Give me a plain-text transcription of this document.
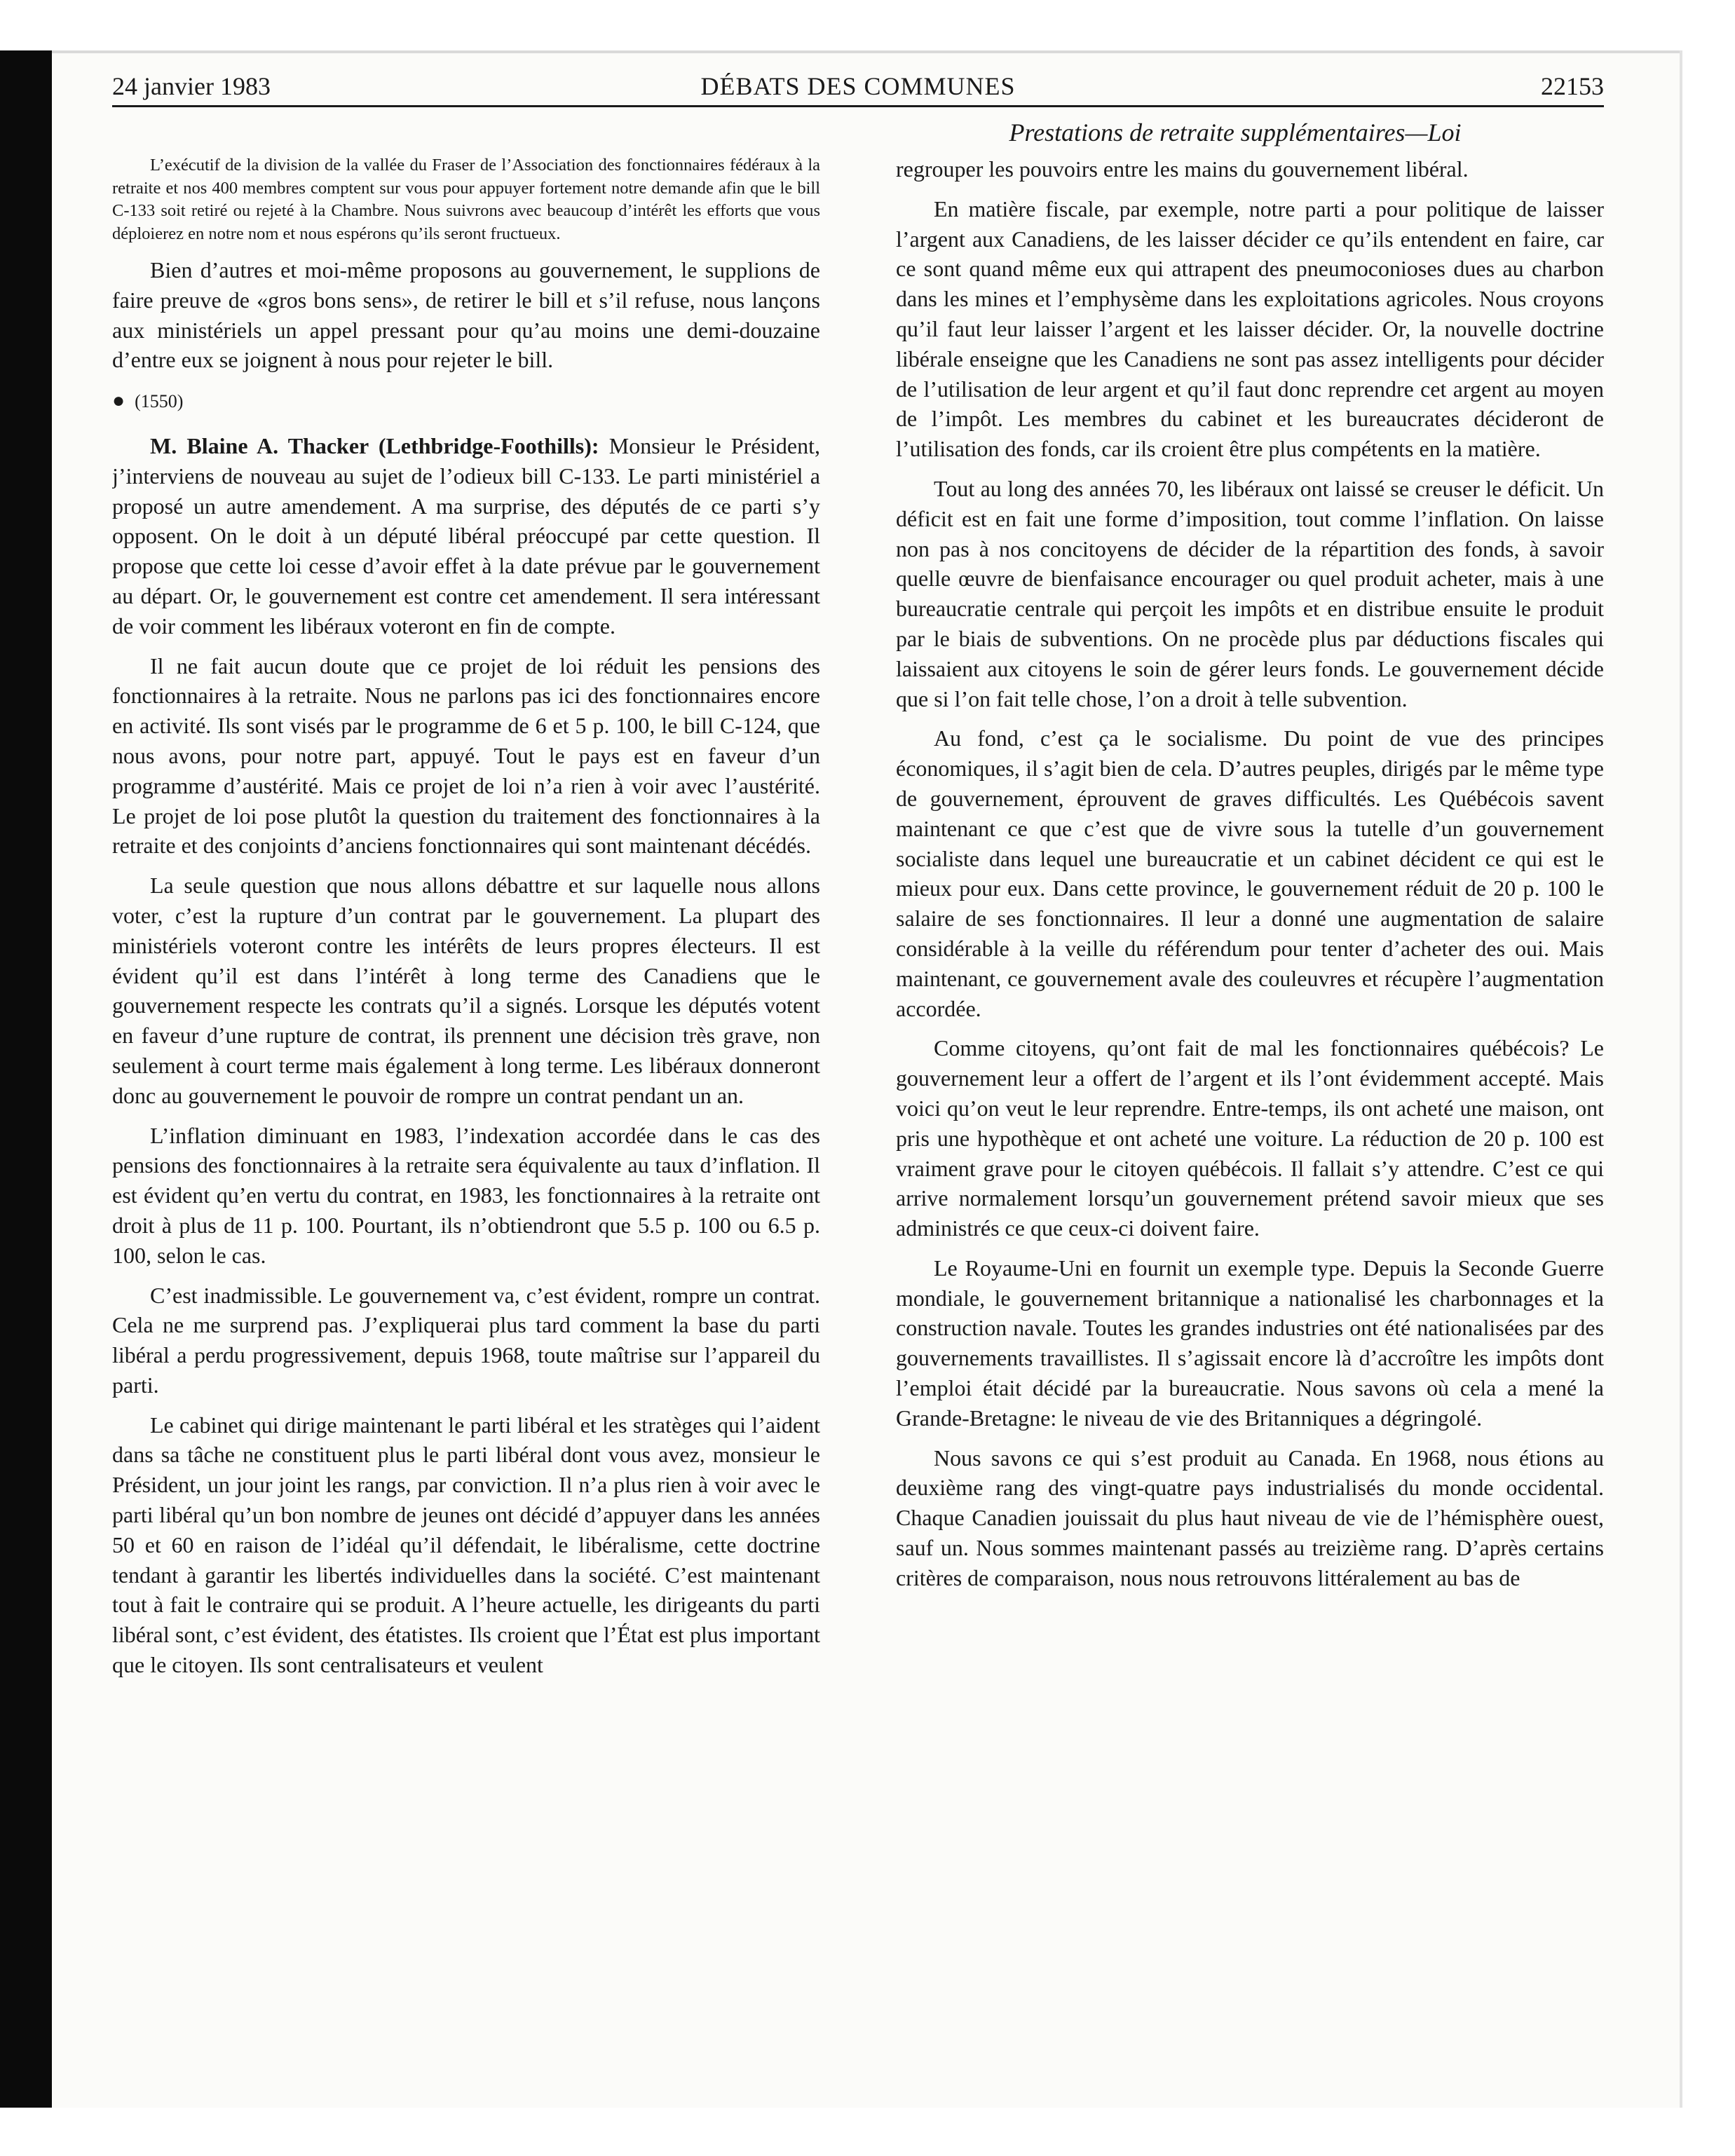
24 janvier 1983	DÉBATS DES COMMUNES	22153
Prestations de retraite supplémentaires—Loi

L’exécutif de la division de la vallée du Fraser de l’Association des fonctionnaires fédéraux à la retraite et nos 400 membres comptent sur vous pour appuyer fortement notre demande afin que le bill C-133 soit retiré ou rejeté à la Chambre. Nous suivrons avec beaucoup d’intérêt les efforts que vous déploierez en notre nom et nous espérons qu’ils seront fructueux.

Bien d’autres et moi-même proposons au gouvernement, le supplions de faire preuve de «gros bons sens», de retirer le bill et s’il refuse, nous lançons aux ministériels un appel pressant pour qu’au moins une demi-douzaine d’entre eux se joignent à nous pour rejeter le bill.

● (1550)

M. Blaine A. Thacker (Lethbridge-Foothills): Monsieur le Président, j’interviens de nouveau au sujet de l’odieux bill C-133. Le parti ministériel a proposé un autre amendement. A ma surprise, des députés de ce parti s’y opposent. On le doit à un député libéral préoccupé par cette question. Il propose que cette loi cesse d’avoir effet à la date prévue par le gouvernement au départ. Or, le gouvernement est contre cet amendement. Il sera intéressant de voir comment les libéraux voteront en fin de compte.

Il ne fait aucun doute que ce projet de loi réduit les pensions des fonctionnaires à la retraite. Nous ne parlons pas ici des fonctionnaires encore en activité. Ils sont visés par le programme de 6 et 5 p. 100, le bill C-124, que nous avons, pour notre part, appuyé. Tout le pays est en faveur d’un programme d’austérité. Mais ce projet de loi n’a rien à voir avec l’austérité. Le projet de loi pose plutôt la question du traitement des fonctionnaires à la retraite et des conjoints d’anciens fonctionnaires qui sont maintenant décédés.

La seule question que nous allons débattre et sur laquelle nous allons voter, c’est la rupture d’un contrat par le gouvernement. La plupart des ministériels voteront contre les intérêts de leurs propres électeurs. Il est évident qu’il est dans l’intérêt à long terme des Canadiens que le gouvernement respecte les contrats qu’il a signés. Lorsque les députés votent en faveur d’une rupture de contrat, ils prennent une décision très grave, non seulement à court terme mais également à long terme. Les libéraux donneront donc au gouvernement le pouvoir de rompre un contrat pendant un an.

L’inflation diminuant en 1983, l’indexation accordée dans le cas des pensions des fonctionnaires à la retraite sera équivalente au taux d’inflation. Il est évident qu’en vertu du contrat, en 1983, les fonctionnaires à la retraite ont droit à plus de 11 p. 100. Pourtant, ils n’obtiendront que 5.5 p. 100 ou 6.5 p. 100, selon le cas.

C’est inadmissible. Le gouvernement va, c’est évident, rompre un contrat. Cela ne me surprend pas. J’expliquerai plus tard comment la base du parti libéral a perdu progressivement, depuis 1968, toute maîtrise sur l’appareil du parti.

Le cabinet qui dirige maintenant le parti libéral et les stratèges qui l’aident dans sa tâche ne constituent plus le parti libéral dont vous avez, monsieur le Président, un jour joint les rangs, par conviction. Il n’a plus rien à voir avec le parti libéral qu’un bon nombre de jeunes ont décidé d’appuyer dans les années 50 et 60 en raison de l’idéal qu’il défendait, le libéralisme, cette doctrine tendant à garantir les libertés individuelles dans la société. C’est maintenant tout à fait le contraire qui se produit. A l’heure actuelle, les dirigeants du parti libéral sont, c’est évident, des étatistes. Ils croient que l’État est plus important que le citoyen. Ils sont centralisateurs et veulent

regrouper les pouvoirs entre les mains du gouvernement libéral.

En matière fiscale, par exemple, notre parti a pour politique de laisser l’argent aux Canadiens, de les laisser décider ce qu’ils entendent en faire, car ce sont quand même eux qui attrapent des pneumoconioses dues au charbon dans les mines et l’emphysème dans les exploitations agricoles. Nous croyons qu’il faut leur laisser l’argent et les laisser décider. Or, la nouvelle doctrine libérale enseigne que les Canadiens ne sont pas assez intelligents pour décider de l’utilisation de leur argent et qu’il faut donc reprendre cet argent au moyen de l’impôt. Les membres du cabinet et les bureaucrates décideront de l’utilisation des fonds, car ils croient être plus compétents en la matière.

Tout au long des années 70, les libéraux ont laissé se creuser le déficit. Un déficit est en fait une forme d’imposition, tout comme l’inflation. On laisse non pas à nos concitoyens de décider de la répartition des fonds, à savoir quelle œuvre de bienfaisance encourager ou quel produit acheter, mais à une bureaucratie centrale qui perçoit les impôts et en distribue ensuite le produit par le biais de subventions. On ne procède plus par déductions fiscales qui laissaient aux citoyens le soin de gérer leurs fonds. Le gouvernement décide que si l’on fait telle chose, l’on a droit à telle subvention.

Au fond, c’est ça le socialisme. Du point de vue des principes économiques, il s’agit bien de cela. D’autres peuples, dirigés par le même type de gouvernement, éprouvent de graves difficultés. Les Québécois savent maintenant ce que c’est que de vivre sous la tutelle d’un gouvernement socialiste dans lequel une bureaucratie et un cabinet décident ce qui est le mieux pour eux. Dans cette province, le gouvernement réduit de 20 p. 100 le salaire de ses fonctionnaires. Il leur a donné une augmentation de salaire considérable à la veille du référendum pour tenter d’acheter des oui. Mais maintenant, ce gouvernement avale des couleuvres et récupère l’augmentation accordée.

Comme citoyens, qu’ont fait de mal les fonctionnaires québécois? Le gouvernement leur a offert de l’argent et ils l’ont évidemment accepté. Mais voici qu’on veut le leur reprendre. Entre-temps, ils ont acheté une maison, ont pris une hypothèque et ont acheté une voiture. La réduction de 20 p. 100 est vraiment grave pour le citoyen québécois. Il fallait s’y attendre. C’est ce qui arrive normalement lorsqu’un gouvernement prétend savoir mieux que ses administrés ce que ceux-ci doivent faire.

Le Royaume-Uni en fournit un exemple type. Depuis la Seconde Guerre mondiale, le gouvernement britannique a nationalisé les charbonnages et la construction navale. Toutes les grandes industries ont été nationalisées par des gouvernements travaillistes. Il s’agissait encore là d’accroître les impôts dont l’emploi était décidé par la bureaucratie. Nous savons où cela a mené la Grande-Bretagne: le niveau de vie des Britanniques a dégringolé.

Nous savons ce qui s’est produit au Canada. En 1968, nous étions au deuxième rang des vingt-quatre pays industrialisés du monde occidental. Chaque Canadien jouissait du plus haut niveau de vie de l’hémisphère ouest, sauf un. Nous sommes maintenant passés au treizième rang. D’après certains critères de comparaison, nous nous retrouvons littéralement au bas de
